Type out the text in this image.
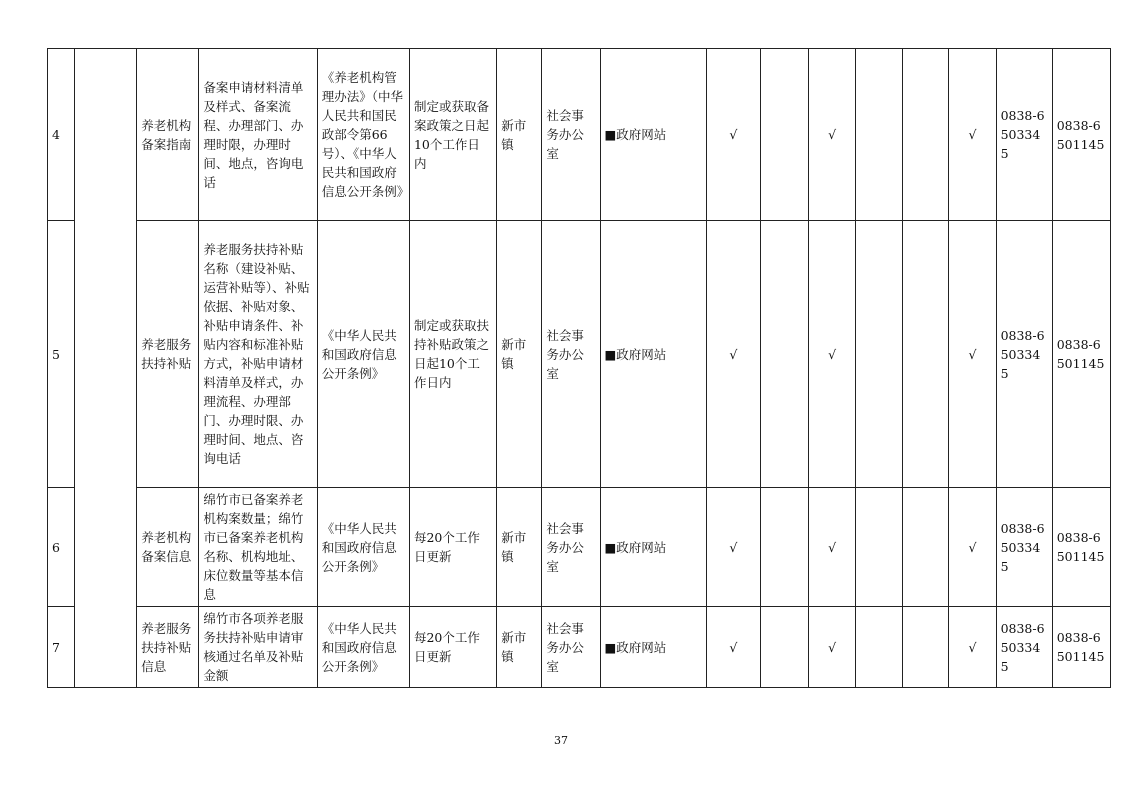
4		养老机构备案指南	备案申请材料清单及样式、备案流程、办理部门、办理时限，办理时间、地点，咨询电话	《养老机构管理办法》（中华人民共和国民政部令第66号）、《中华人民共和国政府信息公开条例》	制定或获取备案政策之日起10个工作日内	新市镇	社会事务办公室	■政府网站	√		√			√	0838-6503345	0838-6501145
5		养老服务扶持补贴	养老服务扶持补贴名称（建设补贴、运营补贴等）、补贴依据、补贴对象、补贴申请条件、补贴内容和标准补贴方式，补贴申请材料清单及样式，办理流程、办理部门、办理时限、办理时间、地点、咨询电话	《中华人民共和国政府信息公开条例》	制定或获取扶持补贴政策之日起10个工作日内	新市镇	社会事务办公室	■政府网站	√		√			√	0838-6503345	0838-6501145
6		养老机构备案信息	绵竹市已备案养老机构案数量；绵竹市已备案养老机构名称、机构地址、床位数量等基本信息	《中华人民共和国政府信息公开条例》	每20个工作日更新	新市镇	社会事务办公室	■政府网站	√		√			√	0838-6503345	0838-6501145
7		养老服务扶持补贴信息	绵竹市各项养老服务扶持补贴申请审核通过名单及补贴金额	《中华人民共和国政府信息公开条例》	每20个工作日更新	新市镇	社会事务办公室	■政府网站	√		√			√	0838-6503345	0838-6501145
37
